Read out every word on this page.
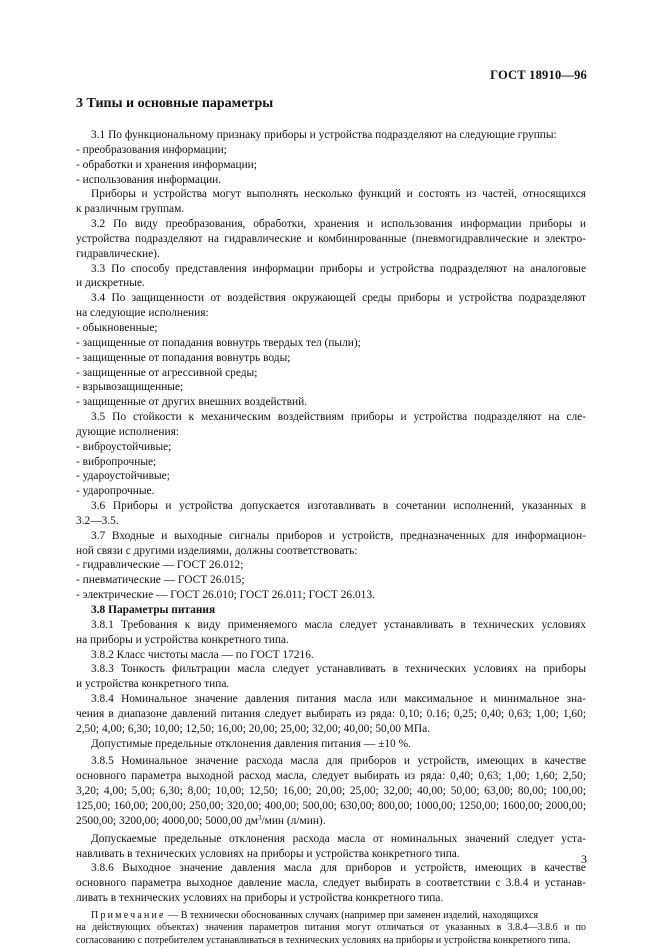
ГОСТ 18910—96
3 Типы и основные параметры
3.1 По функциональному признаку приборы и устройства подразделяют на следующие группы:
- преобразования информации;
- обработки и хранения информации;
- использования информации.
Приборы и устройства могут выполнять несколько функций и состоять из частей, относящихся
к различным группам.
3.2 По виду преобразования, обработки, хранения и использования информации приборы и
устройства подразделяют на гидравлические и комбинированные (пневмогидравлические и электро-
гидравлические).
3.3 По способу представления информации приборы и устройства подразделяют на аналоговые
и дискретные.
3.4 По защищенности от воздействия окружающей среды приборы и устройства подразделяют
на следующие исполнения:
- обыкновенные;
- защищенные от попадания вовнутрь твердых тел (пыли);
- защищенные от попадания вовнутрь воды;
- защищенные от агрессивной среды;
- взрывозащищенные;
- защищенные от других внешних воздействий.
3.5 По стойкости к механическим воздействиям приборы и устройства подразделяют на сле-
дующие исполнения:
- виброустойчивые;
- вибропрочные;
- удароустойчивые;
- ударопрочные.
3.6 Приборы и устройства допускается изготавливать в сочетании исполнений, указанных в
3.2—3.5.
3.7 Входные и выходные сигналы приборов и устройств, предназначенных для информацион-
ной связи с другими изделиями, должны соответствовать:
- гидравлические — ГОСТ 26.012;
- пневматические — ГОСТ 26.015;
- электрические — ГОСТ 26.010; ГОСТ 26.011; ГОСТ 26.013.
3.8 Параметры питания
3.8.1 Требования к виду применяемого масла следует устанавливать в технических условиях
на приборы и устройства конкретного типа.
3.8.2 Класс чистоты масла — по ГОСТ 17216.
3.8.3 Тонкость фильтрации масла следует устанавливать в технических условиях на приборы
и устройства конкретного типа.
3.8.4 Номинальное значение давления питания масла или максимальное и минимальное зна-
чения в диапазоне давлений питания следует выбирать из ряда: 0,10; 0.16; 0,25; 0,40; 0,63; 1,00; 1,60;
2,50; 4,00; 6,30; 10,00; 12,50; 16,00; 20,00; 25,00; 32,00; 40,00; 50,00 МПа.
Допустимые предельные отклонения давления питания — ±10 %.
3.8.5 Номинальное значение расхода масла для приборов и устройств, имеющих в качестве
основного параметра выходной расход масла, следует выбирать из ряда: 0,40; 0,63; 1,00; 1,60; 2,50;
3,20; 4,00; 5,00; 6,30; 8,00; 10,00; 12,50; 16,00; 20,00; 25,00; 32,00; 40,00; 50,00; 63,00; 80,00; 100,00;
125,00; 160,00; 200,00; 250,00; 320,00; 400,00; 500,00; 630,00; 800,00; 1000,00; 1250,00; 1600,00; 2000,00;
2500,00; 3200,00; 4000,00; 5000,00 $дм^3$/мин (л/мин).
Допускаемые предельные отклонения расхода масла от номинальных значений следует уста-
навливать в технических условиях на приборы и устройства конкретного типа.
3.8.6 Выходное значение давления масла для приборов и устройств, имеющих в качестве
основного параметра выходное давление масла, следует выбирать в соответствии с 3.8.4 и устанав-
ливать в технических условиях на приборы и устройства конкретного типа.
Примечание — В технически обоснованных случаях (например при заменен изделий, находящихся
на действующих объектах) значения параметров питания могут отличаться от указанных в 3.8.4—3.8.6 и по
согласованию с потребителем устанавливаться в технических условиях на приборы и устройства конкретного типа.
3
